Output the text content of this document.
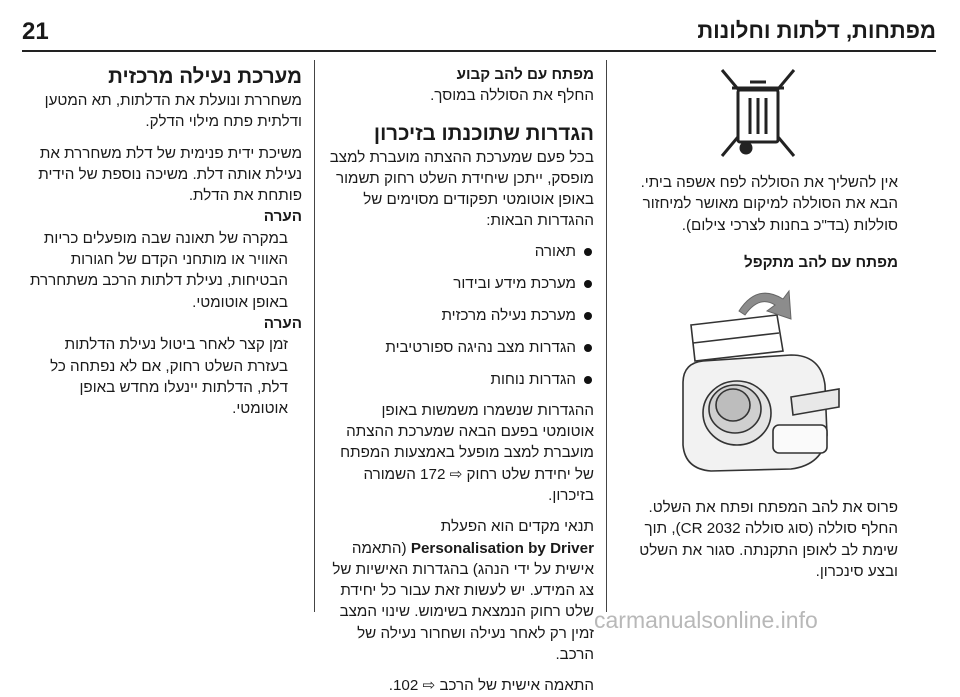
21	מפתחות, דלתות וחלונות

מערכת נעילה מרכזית

משחררת ונועלת את הדלתות, תא המטען ודלתית פתח מילוי הדלק.

משיכת ידית פנימית של דלת משחררת את נעילת אותה דלת. משיכה נוספת של הידית פותחת את הדלת.

הערה

במקרה של תאונה שבה מופעלים כריות האוויר או מותחני הקדם של חגורות הבטיחות, נעילת דלתות הרכב משתחררת באופן אוטומטי.

הערה

זמן קצר לאחר ביטול נעילת הדלתות בעזרת השלט רחוק, אם לא נפתחה כל דלת, הדלתות יינעלו מחדש באופן אוטומטי.

מפתח עם להב קבוע

החלף את הסוללה במוסך.

הגדרות שתוכנתו בזיכרון

בכל פעם שמערכת ההצתה מועברת למצב מופסק, ייתכן שיחידת השלט רחוק תשמור באופן אוטומטי תפקודים מסוימים של ההגדרות הבאות:

תאורה
מערכת מידע ובידור
מערכת נעילה מרכזית
הגדרות מצב נהיגה ספורטיבית
הגדרות נוחות

ההגדרות שנשמרו משמשות באופן אוטומטי בפעם הבאה שמערכת ההצתה מועברת למצב מופעל באמצעות המפתח של יחידת שלט רחוק ⇨ 172 השמורה בזיכרון.

תנאי מקדים הוא הפעלת Personalisation by Driver (התאמה אישית על ידי הנהג) בהגדרות האישיות של צג המידע. יש לעשות זאת עבור כל יחידת שלט רחוק הנמצאת בשימוש. שינוי המצב זמין רק לאחר נעילה ושחרור נעילה של הרכב.

התאמה אישית של הרכב ⇨ 102.

אין להשליך את הסוללה לפח אשפה ביתי. הבא את הסוללה למיקום מאושר למיחזור סוללות (בד"כ בחנות לצרכי צילום).

מפתח עם להב מתקפל

פרוס את להב המפתח ופתח את השלט. החלף סוללה (סוג סוללה CR 2032), תוך שימת לב לאופן התקנתה. סגור את השלט ובצע סינכרון.

carmanualsonline.info
